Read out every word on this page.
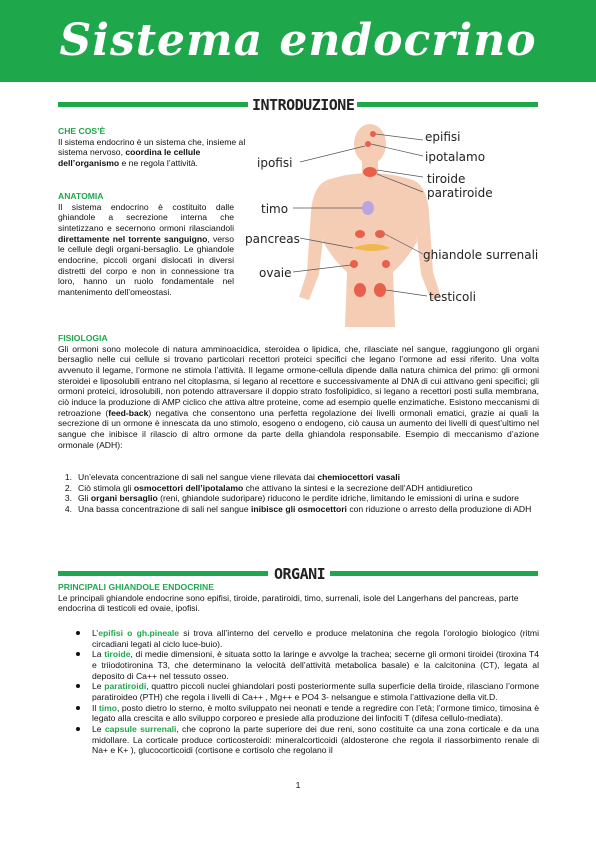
Sistema endocrino
INTRODUZIONE
CHE COS’È
Il sistema endocrino è un sistema che, insieme al sistema nervoso, coordina le cellule dell’organismo e ne regola l’attività.
ANATOMIA
Il sistema endocrino è costituito dalle ghiandole a secrezione interna che sintetizzano e secernono ormoni rilasciandoli direttamente nel torrente sanguigno, verso le cellule degli organi-bersaglio. Le ghiandole endocrine, piccoli organi dislocati in diversi distretti del corpo e non in connessione tra loro, hanno un ruolo fondamentale nel mantenimento dell’omeostasi.
epifisi
ipotalamo
ipofisi
tiroide
paratiroide
timo
pancreas
ghiandole surrenali
ovaie
testicoli
FISIOLOGIA
Gli ormoni sono molecole di natura amminoacidica, steroidea o lipidica, che, rilasciate nel sangue, raggiungono gli organi bersaglio nelle cui cellule si trovano particolari recettori proteici specifici che legano l’ormone ad essi riferito. Una volta avvenuto il legame, l’ormone ne stimola l’attività. Il legame ormone-cellula dipende dalla natura chimica del primo: gli ormoni steroidei e liposolubili entrano nel citoplasma, si legano al recettore e successivamente al DNA di cui attivano geni specifici; gli ormoni proteici, idrosolubili, non potendo attraversare il doppio strato fosfolipidico, si legano a recettori posti sulla membrana, ciò induce la produzione di AMP ciclico che attiva altre proteine, come ad esempio quelle enzimatiche. Esistono meccanismi di retroazione (feed-back) negativa che consentono una perfetta regolazione dei livelli ormonali ematici, grazie ai quali la secrezione di un ormone è innescata da uno stimolo, esogeno o endogeno, ciò causa un aumento dei livelli di quest’ultimo nel sangue che inibisce il rilascio di altro ormone da parte della ghiandola responsabile. Esempio di meccanismo d’azione ormonale (ADH):
1. Un’elevata concentrazione di sali nel sangue viene rilevata dai chemiocettori vasali
2. Ciò stimola gli osmocettori dell’ipotalamo che attivano la sintesi e la secrezione dell’ADH antidiuretico
3. Gli organi bersaglio (reni, ghiandole sudoripare) riducono le perdite idriche, limitando le emissioni di urina e sudore
4. Una bassa concentrazione di sali nel sangue inibisce gli osmocettori con riduzione o arresto della produzione di ADH
ORGANI
PRINCIPALI GHIANDOLE ENDOCRINE
Le principali ghiandole endocrine sono epifisi, tiroide, paratiroidi, timo, surrenali, isole del Langerhans del pancreas, parte endocrina di testicoli ed ovaie, ipofisi.
L’epifisi o gh.pineale si trova all’interno del cervello e produce melatonina che regola l’orologio biologico (ritmi circadiani legati al ciclo luce-buio).
La tiroide, di medie dimensioni, è situata sotto la laringe e avvolge la trachea; secerne gli ormoni tiroidei (tiroxina T4 e triiodotironina T3, che determinano la velocità dell’attività metabolica basale) e la calcitonina (CT), legata al deposito di Ca++ nel tessuto osseo.
Le paratiroidi, quattro piccoli nuclei ghiandolari posti posteriormente sulla superficie della tiroide, rilasciano l’ormone paratiroideo (PTH) che regola i livelli di Ca++ , Mg++ e PO4 3- nelsangue e stimola l’attivazione della vit.D.
Il timo, posto dietro lo sterno, è molto sviluppato nei neonati e tende a regredire con l’età; l’ormone timico, timosina è legato alla crescita e allo sviluppo corporeo e presiede alla produzione dei linfociti T (difesa cellulo-mediata).
Le capsule surrenali, che coprono la parte superiore dei due reni, sono costituite ca una zona corticale e da una midollare. La corticale produce corticosteroidi: mineralcorticoidi (aldosterone che regola il riassorbimento renale di Na+ e K+ ), glucocorticoidi (cortisone e cortisolo che regolano il
1
